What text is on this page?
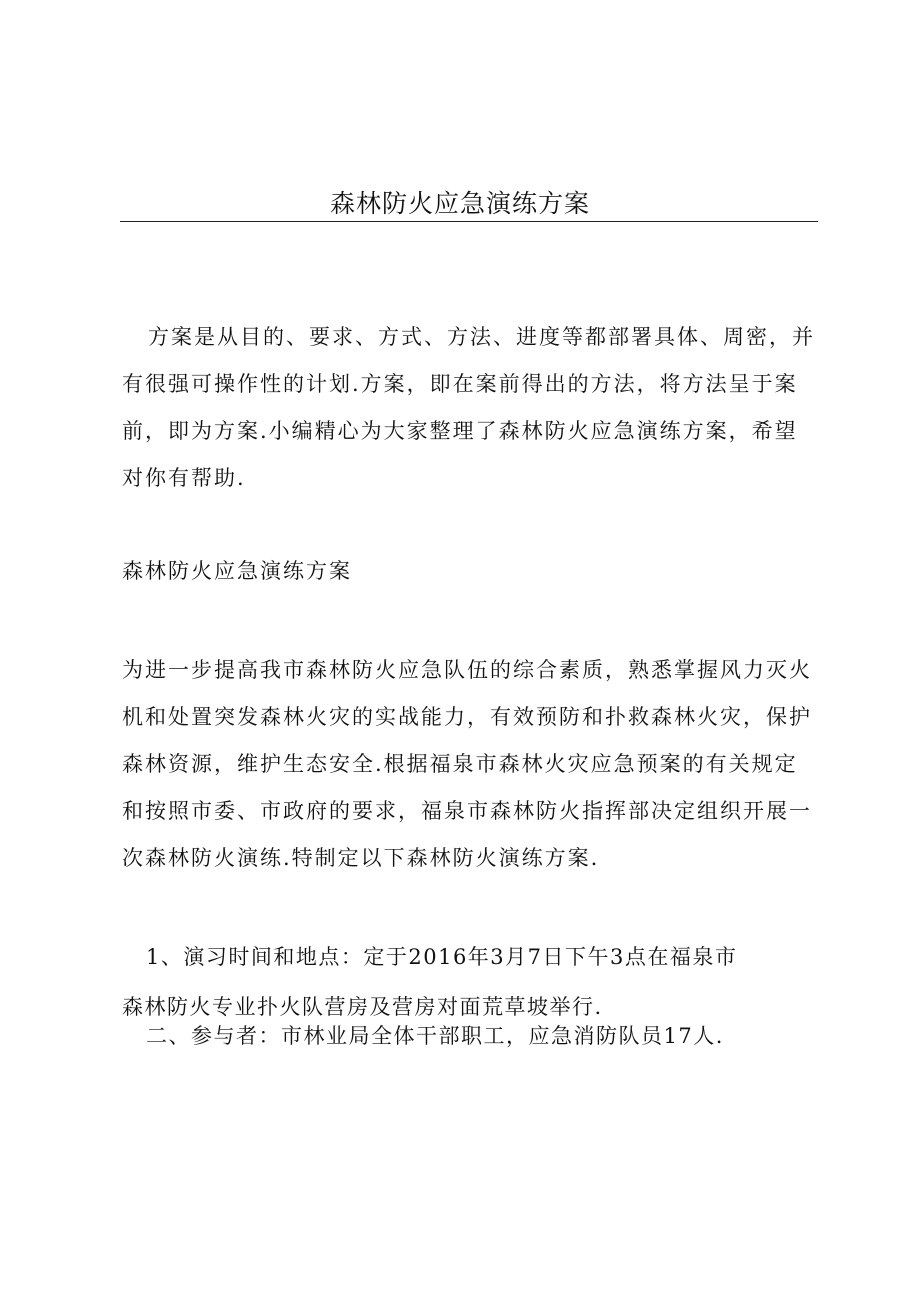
森林防火应急演练方案

方案是从目的、要求、方式、方法、进度等都部署具体、周密，并有很强可操作性的计划.方案，即在案前得出的方法，将方法呈于案前，即为方案.小编精心为大家整理了森林防火应急演练方案，希望对你有帮助.

森林防火应急演练方案

为进一步提高我市森林防火应急队伍的综合素质，熟悉掌握风力灭火机和处置突发森林火灾的实战能力，有效预防和扑救森林火灾，保护森林资源，维护生态安全.根据福泉市森林火灾应急预案的有关规定和按照市委、市政府的要求，福泉市森林防火指挥部决定组织开展一次森林防火演练.特制定以下森林防火演练方案.

1、演习时间和地点：定于2016年3月7日下午3点在福泉市

森林防火专业扑火队营房及营房对面荒草坡举行.

二、参与者：市林业局全体干部职工，应急消防队员17人.
